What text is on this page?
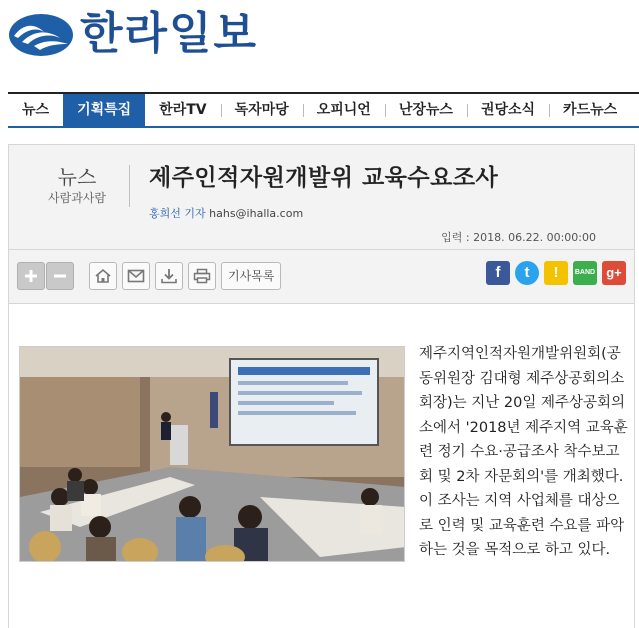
한라일보
뉴스	기획특집	한라TV	독자마당	오피니언	난장뉴스	권당소식	카드뉴스
뉴스
사람과사람
제주인적자원개발위 교육수요조사
홍희선 기자 hahs@ihalla.com
입력 : 2018. 06.22. 00:00:00
기사목록	f	t	!	BAND g+
제주지역인적자원개발위원회(공동위원장 김대형 제주상공회의소 회장)는 지난 20일 제주상공회의소에서 '2018년 제주지역 교육훈련 정기 수요·공급조사 착수보고회 및 2차 자문회의'를 개최했다. 이 조사는 지역 사업체를 대상으로 인력 및 교육훈련 수요를 파악하는 것을 목적으로 하고 있다.
